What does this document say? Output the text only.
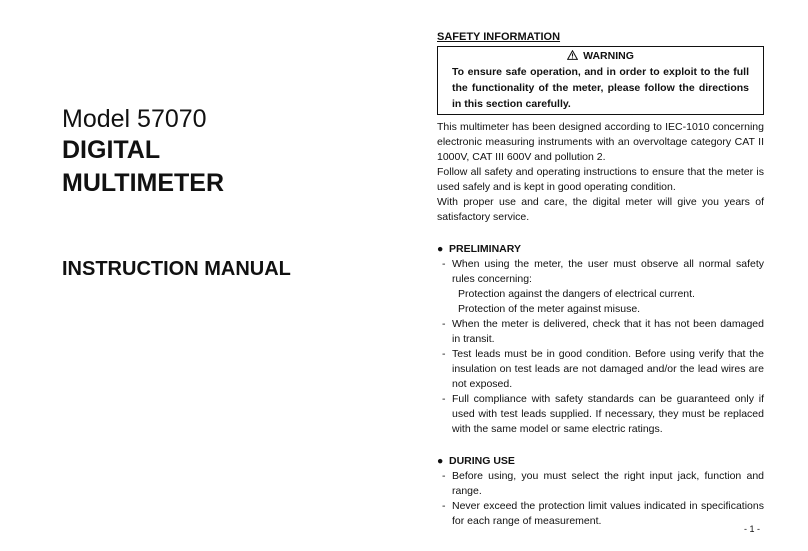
Model 57070
DIGITAL
MULTIMETER
INSTRUCTION MANUAL
SAFETY INFORMATION
WARNING
To ensure safe operation, and in order to exploit to the full the functionality of the meter, please follow the directions in this section carefully.

This multimeter has been designed according to IEC-1010 concerning electronic measuring instruments with an overvoltage category CAT II 1000V, CAT III 600V and pollution 2.

Follow all safety and operating instructions to ensure that the meter is used safely and is kept in good operating condition.

With proper use and care, the digital meter will give you years of satisfactory service.

● PRELIMINARY
- When using the meter, the user must observe all normal safety rules concerning:
Protection against the dangers of electrical current.
Protection of the meter against misuse.
- When the meter is delivered, check that it has not been damaged in transit.
- Test leads must be in good condition. Before using verify that the insulation on test leads are not damaged and/or the lead wires are not exposed.
- Full compliance with safety standards can be guaranteed only if used with test leads supplied. If necessary, they must be replaced with the same model or same electric ratings.
● DURING USE
- Before using, you must select the right input jack, function and range.
- Never exceed the protection limit values indicated in specifications for each range of measurement.
- 1 -
